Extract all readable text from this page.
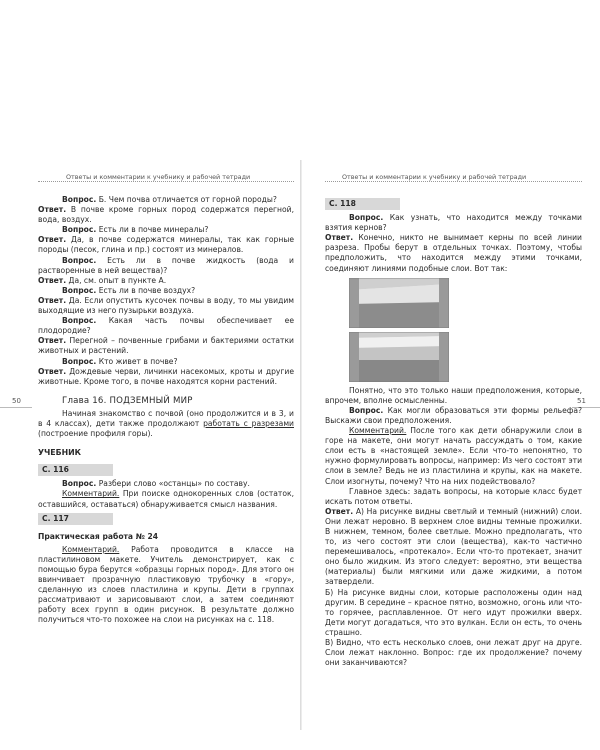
Ответы и комментарии к учебнику и рабочей тетради
50

Вопрос. Б. Чем почва отличается от горной породы?

Ответ. В почве кроме горных пород содержатся перегной, вода, воздух.

Вопрос. Есть ли в почве минералы?

Ответ. Да, в почве содержатся минералы, так как горные породы (песок, глина и пр.) состоят из минералов.

Вопрос. Есть ли в почве жидкость (вода и растворенные в ней вещества)?

Ответ. Да, см. опыт в пункте А.

Вопрос. Есть ли в почве воздух?

Ответ. Да. Если опустить кусочек почвы в воду, то мы увидим выходящие из него пузырьки воздуха.

Вопрос. Какая часть почвы обеспечивает ее плодородие?

Ответ. Перегной – почвенные грибами и бактериями остатки животных и растений.

Вопрос. Кто живет в почве?

Ответ. Дождевые черви, личинки насекомых, кроты и другие животные. Кроме того, в почве находятся корни растений.

Глава 16. ПОДЗЕМНЫЙ МИР

Начиная знакомство с почвой (оно продолжится и в 3, и в 4 классах), дети также продолжают работать с разрезами (построение профиля горы).

УЧЕБНИК

С. 116

Вопрос. Разбери слово «останцы» по составу.

Комментарий. При поиске однокоренных слов (остаток, оставшийся, оставаться) обнаруживается смысл названия.

С. 117

Практическая работа № 24

Комментарий. Работа проводится в классе на пластилиновом макете. Учитель демонстрирует, как с помощью бура берутся «образцы горных пород». Для этого он ввинчивает прозрачную пластиковую трубочку в «гору», сделанную из слоев пластилина и крупы. Дети в группах рассматривают и зарисовывают слои, а затем соединяют работу всех групп в один рисунок. В результате должно получиться что-то похожее на слои на рисунках на с. 118.

Ответы и комментарии к учебнику и рабочей тетради
51
С. 118

Вопрос. Как узнать, что находится между точками взятия кернов?

Ответ. Конечно, никто не вынимает керны по всей линии разреза. Пробы берут в отдельных точках. Поэтому, чтобы предположить, что находится между этими точками, соединяют линиями подобные слои. Вот так:

Понятно, что это только наши предположения, которые, впрочем, вполне осмысленны.

Вопрос. Как могли образоваться эти формы рельефа? Выскажи свои предположения.

Комментарий. После того как дети обнаружили слои в горе на макете, они могут начать рассуждать о том, какие слои есть в «настоящей земле». Если что-то непонятно, то нужно формулировать вопросы, например: Из чего состоят эти слои в земле? Ведь не из пластилина и крупы, как на макете. Слои изогнуты, почему? Что на них подействовало?

Главное здесь: задать вопросы, на которые класс будет искать потом ответы.

Ответ. А) На рисунке видны светлый и темный (нижний) слои. Они лежат неровно. В верхнем слое видны темные прожилки. В нижнем, темном, более светлые. Можно предполагать, что то, из чего состоят эти слои (вещества), как-то частично перемешивалось, «протекало». Если что-то протекает, значит оно было жидким. Из этого следует: вероятно, эти вещества (материалы) были мягкими или даже жидкими, а потом затвердели.

Б) На рисунке видны слои, которые расположены один над другим. В середине – красное пятно, возможно, огонь или что-то горячее, расплавленное. От него идут прожилки вверх. Дети могут догадаться, что это вулкан. Если он есть, то очень страшно.

В) Видно, что есть несколько слоев, они лежат друг на друге. Слои лежат наклонно. Вопрос: где их продолжение? почему они заканчиваются?
